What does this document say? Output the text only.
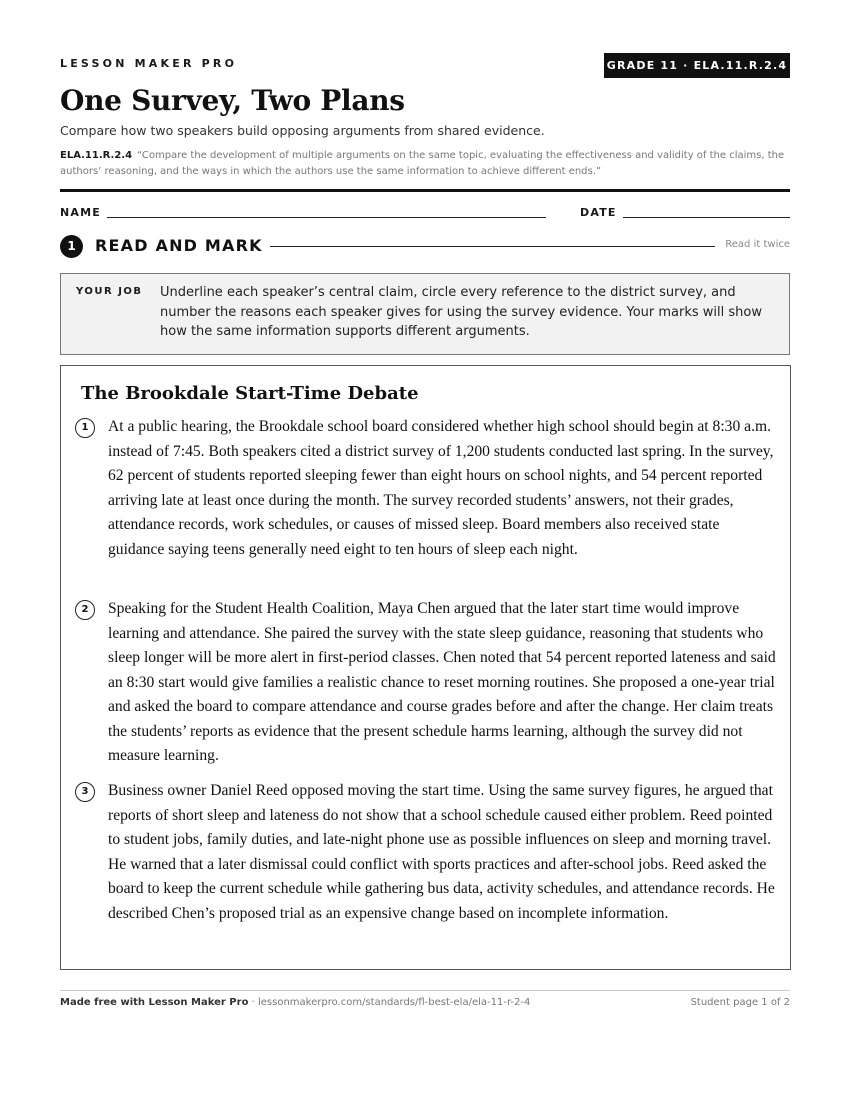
LESSON MAKER PRO	GRADE 11 · ELA.11.R.2.4
One Survey, Two Plans
Compare how two speakers build opposing arguments from shared evidence.
ELA.11.R.2.4 “Compare the development of multiple arguments on the same topic, evaluating the effectiveness and validity of the claims, the authors’ reasoning, and the ways in which the authors use the same information to achieve different ends.”
NAME	DATE
1	READ AND MARK	Read it twice
YOUR JOB Underline each speaker’s central claim, circle every reference to the district survey, and number the reasons each speaker gives for using the survey evidence. Your marks will show how the same information supports different arguments.
The Brookdale Start-Time Debate
1	At a public hearing, the Brookdale school board considered whether high school should begin at 8:30 a.m. instead of 7:45. Both speakers cited a district survey of 1,200 students conducted last spring. In the survey, 62 percent of students reported sleeping fewer than eight hours on school nights, and 54 percent reported arriving late at least once during the month. The survey recorded students’ answers, not their grades, attendance records, work schedules, or causes of missed sleep. Board members also received state guidance saying teens generally need eight to ten hours of sleep each night.
2	Speaking for the Student Health Coalition, Maya Chen argued that the later start time would improve learning and attendance. She paired the survey with the state sleep guidance, reasoning that students who sleep longer will be more alert in first-period classes. Chen noted that 54 percent reported lateness and said an 8:30 start would give families a realistic chance to reset morning routines. She proposed a one-year trial and asked the board to compare attendance and course grades before and after the change. Her claim treats the students’ reports as evidence that the present schedule harms learning, although the survey did not measure learning.
3	Business owner Daniel Reed opposed moving the start time. Using the same survey figures, he argued that reports of short sleep and lateness do not show that a school schedule caused either problem. Reed pointed to student jobs, family duties, and late-night phone use as possible influences on sleep and morning travel. He warned that a later dismissal could conflict with sports practices and after-school jobs. Reed asked the board to keep the current schedule while gathering bus data, activity schedules, and attendance records. He described Chen’s proposed trial as an expensive change based on incomplete information.
Made free with Lesson Maker Pro · lessonmakerpro.com/standards/fl-best-ela/ela-11-r-2-4	Student page 1 of 2
